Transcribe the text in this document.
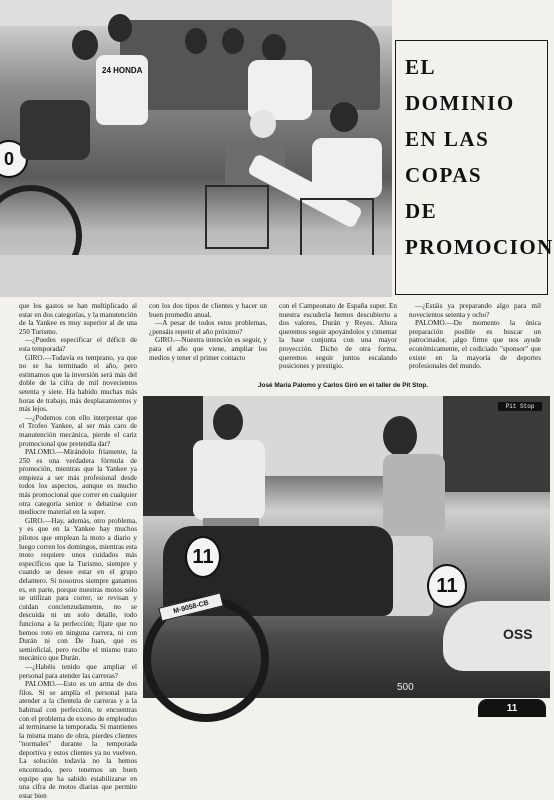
24 HONDA
0
EL
DOMINIO
EN LAS
COPAS
DE
PROMOCION

que los gastos se han multiplicado al estar en dos categorías, y la manutención de la Yankee es muy superior al de una 250 Turismo.

—¿Puedes especificar el déficit de esta temporada?

GIRO.—Todavía es temprano, ya que no se ha terminado el año, pero estimamos que la inversión será más del doble de la cifra de mil novecientos setenta y siete. Ha habido muchas más horas de trabajo, más desplazamientos y más lejos.

—¿Podemos con ello interpretar que el Trofeo Yankee, al ser más caro de manutención mecánica, pierde el cariz promocional que pretendía dar?

PALOMO.—Mirándolo fríamente, la 250 es una verdadera fórmula de promoción, mientras que la Yankee ya empieza a ser más profesional desde todos los aspectos, aunque es mucho más promocional que correr en cualquier otra categoría senior o debatirse con mediocre material en la super.

GIRO.—Hay, además, otro problema, y es que en la Yankee hay muchos pilotos que emplean la moto a diario y luego corren los domingos, mientras esta moto requiere unos cuidados más específicos que la Turismo, siempre y cuando se desee estar en el grupo delantero. Si nosotros siempre ganamos es, en parte, porque nuestras motos sólo se utilizan para correr, se revisan y cuidan concienzudamente, no se descuida ni un solo detalle, todo funciona a la perfección; fíjate que no hemos roto en ninguna carrera, ni con Durán ni con De Juan, que es semioficial, pero recibe el mismo trato mecánico que Durán.

—¿Habéis tenido que ampliar el personal para atender las carreras?

PALOMO.—Esto es un arma de dos filos. Si se amplía el personal para atender a la clientela de carreras y a la habitual con perfección, te encuentras con el problema de exceso de empleados al terminarse la temporada. Si mantienes la misma mano de obra, pierdes clientes "normales" durante la temporada deportiva y estos clientes ya no vuelven. La solución todavía no la hemos encontrado, pero tenemos un buen equipo que ha sabido estabilizarse en una cifra de motos diarias que permite estar bien

con los dos tipos de clientes y hacer un buen promedio anual.

—A pesar de todos estos problemas, ¿pensáis repetir el año próximo?

GIRO.—Nuestra intención es seguir, y para el año que viene, ampliar los medios y tener el primer contacto

con el Campeonato de España super. En nuestra escudería hemos descubierto a dos valores, Durán y Reyes. Ahora queremos seguir apoyándolos y cimentar la base conjunta con una mayor proyección. Dicho de otra forma, queremos seguir juntos escalando posiciones y prestigio.

—¿Estáis ya preparando algo para mil novecientos setenta y ocho?

PALOMO.—De momento la única preparación posible es buscar un patrocinador, ¡algo firme que nos ayude económicamente, el codiciado "sponsor" que existe en la mayoría de deportes profesionales del mundo.

José María Palomo y Carlos Giró en el taller de Pit Stop.
11
11
M-9058-CB
OSS
500
Pit Stop
11
